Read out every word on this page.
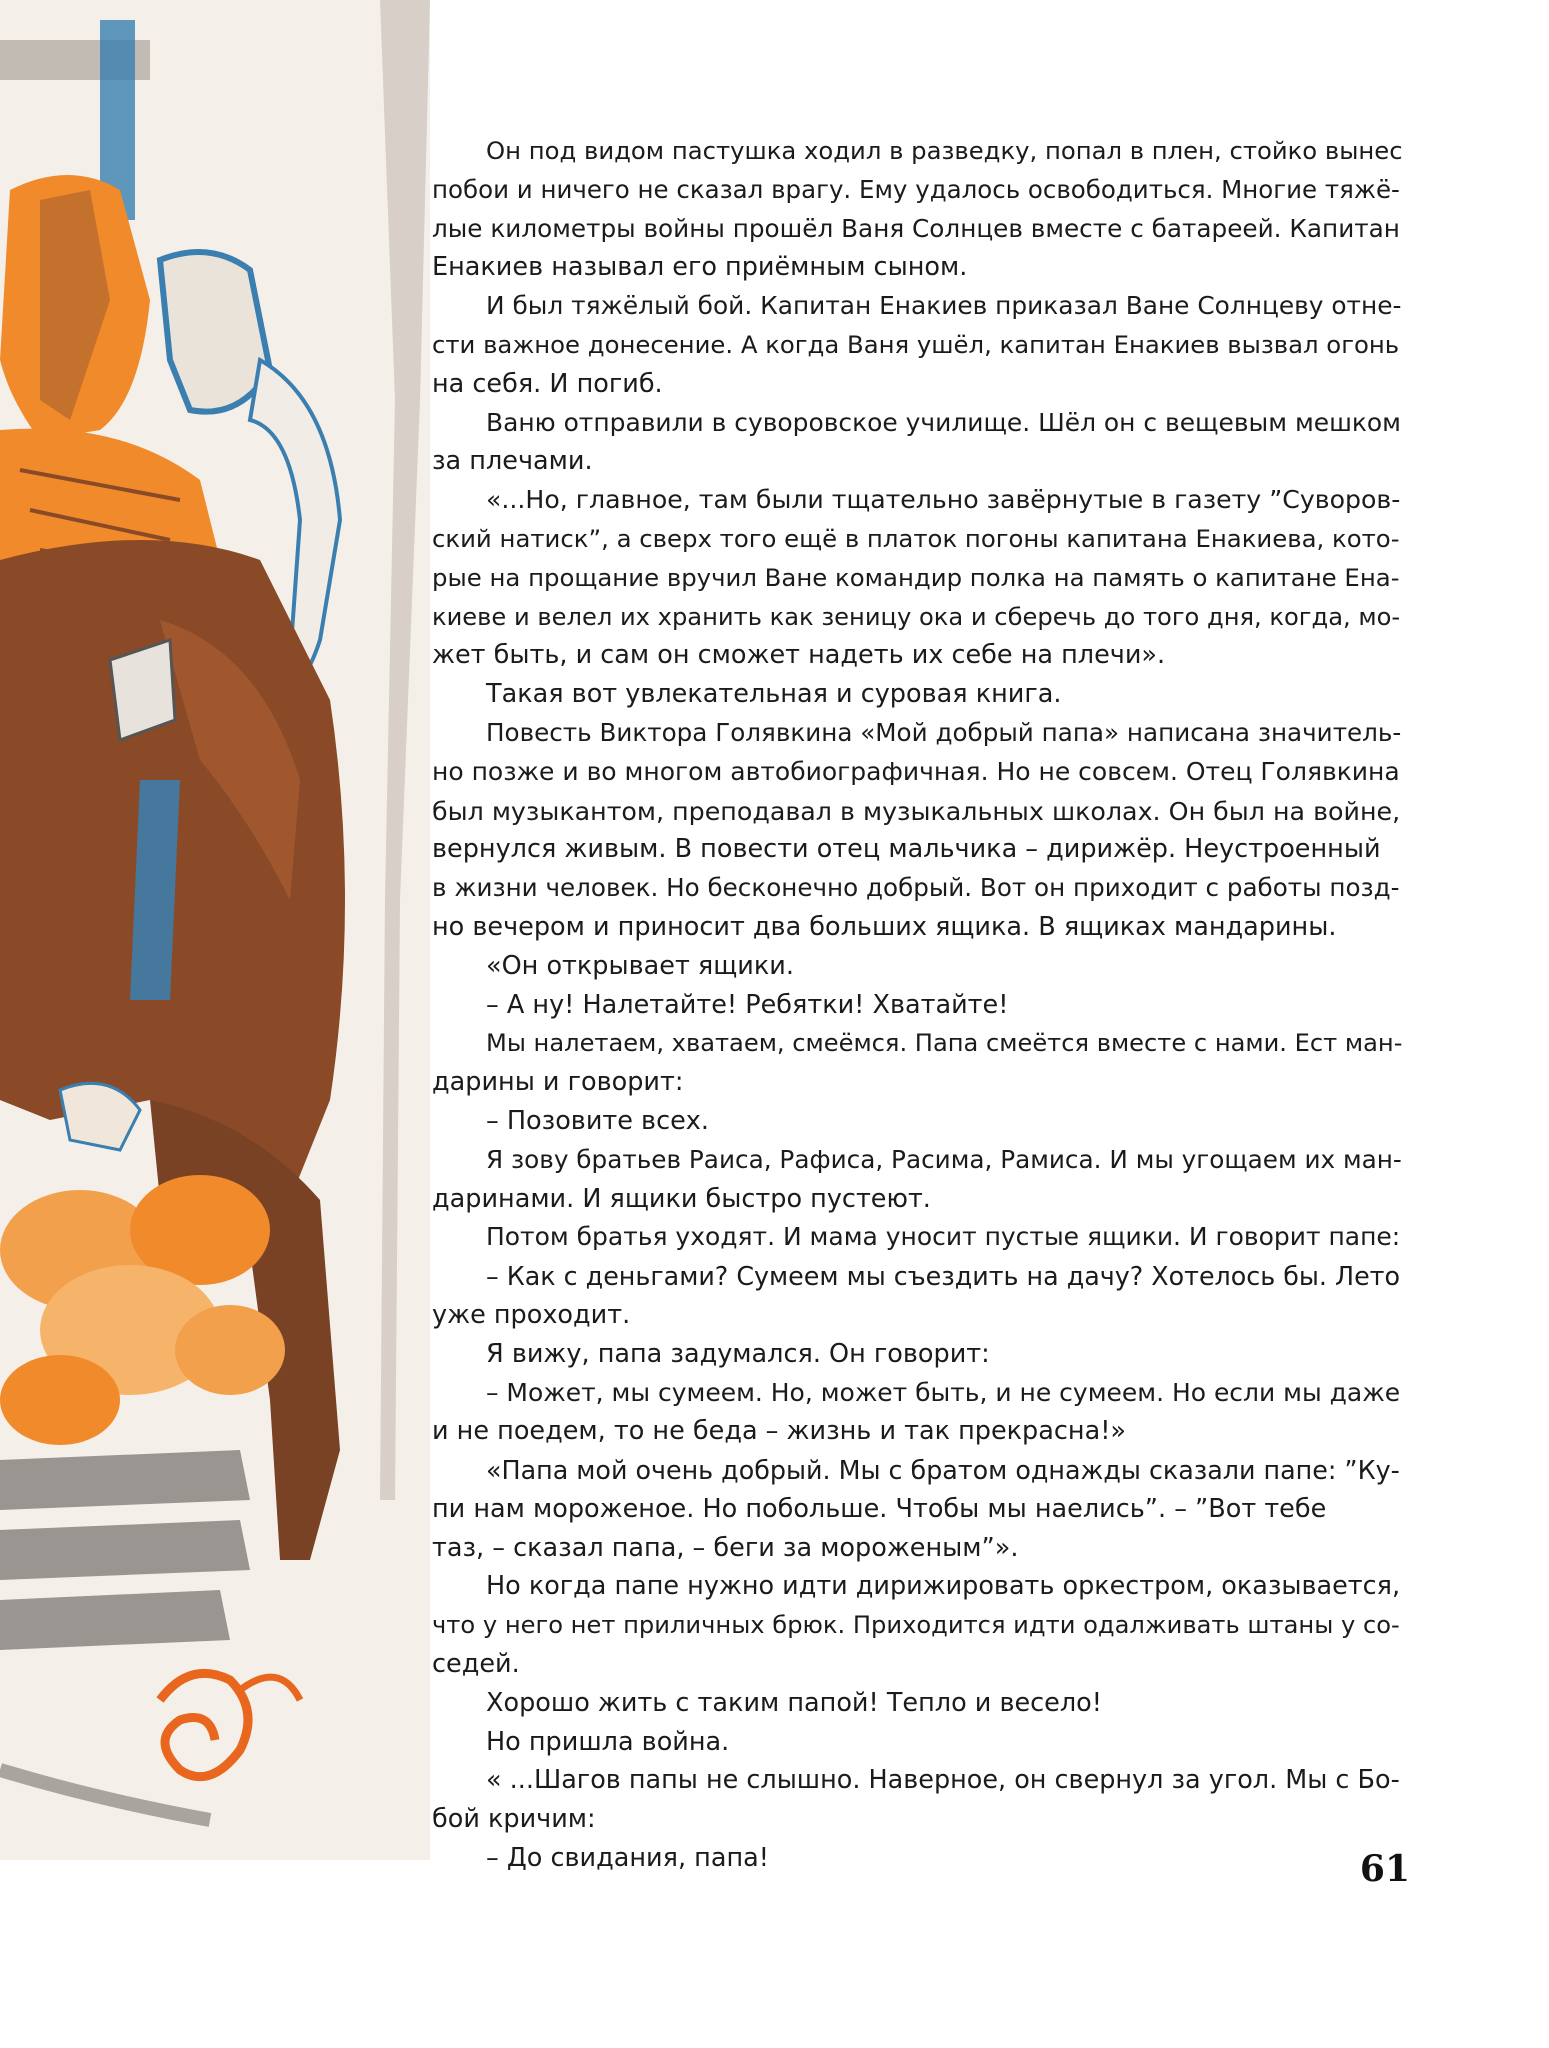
Он под видом пастушка ходил в разведку, попал в плен, стойко вынес
побои и ничего не сказал врагу. Ему удалось освободиться. Многие тяжё-
лые километры войны прошёл Ваня Солнцев вместе с батареей. Капитан
Енакиев называл его приёмным сыном.
И был тяжёлый бой. Капитан Енакиев приказал Ване Солнцеву отне-
сти важное донесение. А когда Ваня ушёл, капитан Енакиев вызвал огонь
на себя. И погиб.
Ваню отправили в суворовское училище. Шёл он с вещевым мешком
за плечами.
«...Но, главное, там были тщательно завёрнутые в газету ”Суворов-
ский натиск”, а сверх того ещё в платок погоны капитана Енакиева, кото-
рые на прощание вручил Ване командир полка на память о капитане Ена-
киеве и велел их хранить как зеницу ока и сберечь до того дня, когда, мо-
жет быть, и сам он сможет надеть их себе на плечи».
Такая вот увлекательная и суровая книга.
Повесть Виктора Голявкина «Мой добрый папа» написана значитель-
но позже и во многом автобиографичная. Но не совсем. Отец Голявкина
был музыкантом, преподавал в музыкальных школах. Он был на войне,
вернулся живым. В повести отец мальчика – дирижёр. Неустроенный
в жизни человек. Но бесконечно добрый. Вот он приходит с работы позд-
но вечером и приносит два больших ящика. В ящиках мандарины.
«Он открывает ящики.
– А ну! Налетайте! Ребятки! Хватайте!
Мы налетаем, хватаем, смеёмся. Папа смеётся вместе с нами. Ест ман-
дарины и говорит:
– Позовите всех.
Я зову братьев Раиса, Рафиса, Расима, Рамиса. И мы угощаем их ман-
даринами. И ящики быстро пустеют.
Потом братья уходят. И мама уносит пустые ящики. И говорит папе:
– Как с деньгами? Сумеем мы съездить на дачу? Хотелось бы. Лето
уже проходит.
Я вижу, папа задумался. Он говорит:
– Может, мы сумеем. Но, может быть, и не сумеем. Но если мы даже
и не поедем, то не беда – жизнь и так прекрасна!»
«Папа мой очень добрый. Мы с братом однажды сказали папе: ”Ку-
пи нам мороженое. Но побольше. Чтобы мы наелись”. – ”Вот тебе
таз, – сказал папа, – беги за мороженым”».
Но когда папе нужно идти дирижировать оркестром, оказывается,
что у него нет приличных брюк. Приходится идти одалживать штаны у со-
седей.
Хорошо жить с таким папой! Тепло и весело!
Но пришла война.
« ...Шагов папы не слышно. Наверное, он свернул за угол. Мы с Бо-
бой кричим:
– До свидания, папа!	61
